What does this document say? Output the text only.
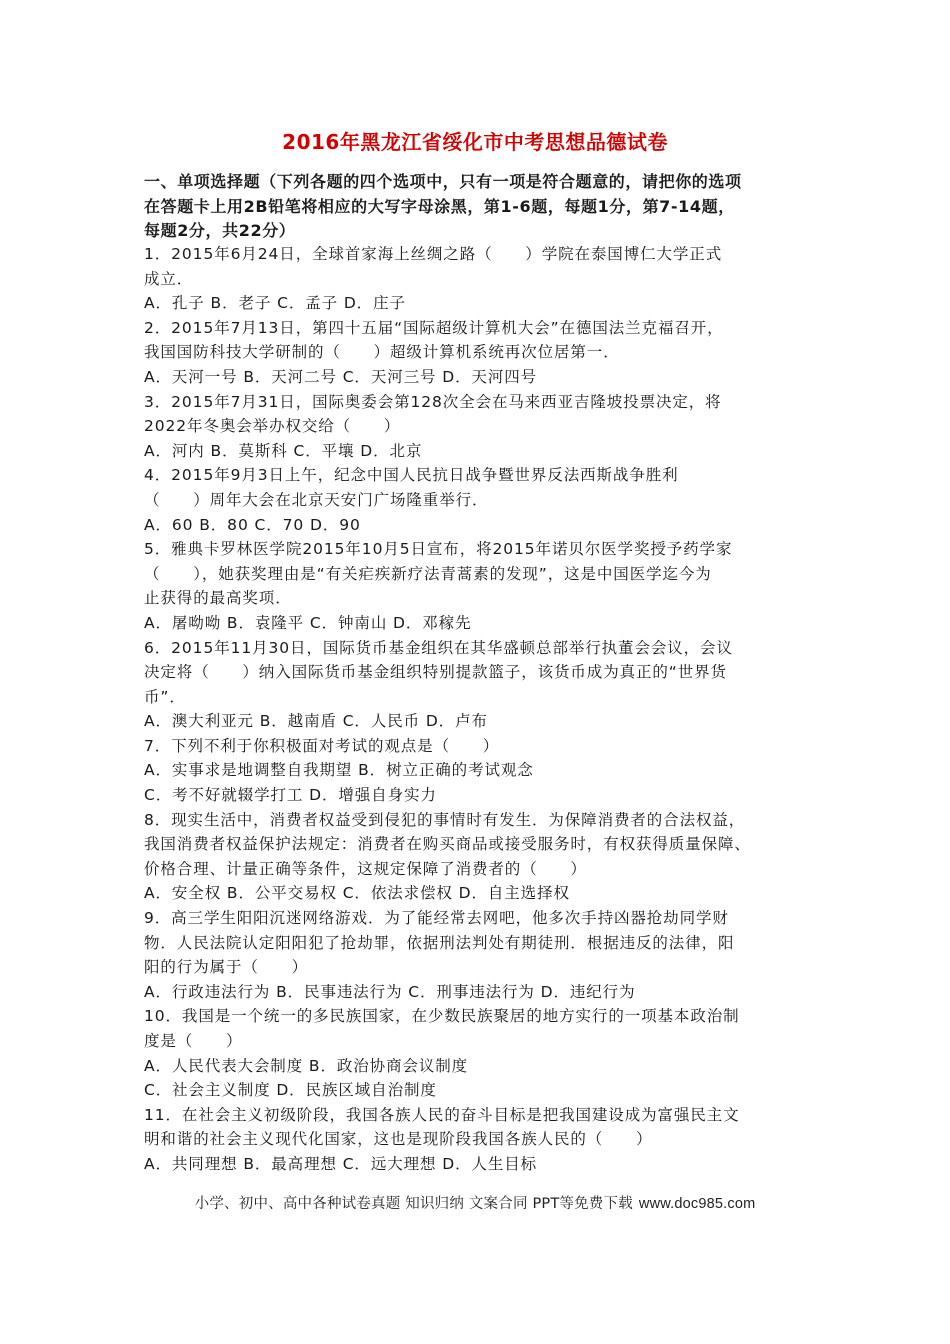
2016年黑龙江省绥化市中考思想品德试卷
一、单项选择题（下列各题的四个选项中，只有一项是符合题意的，请把你的选项
在答题卡上用2B铅笔将相应的大写字母涂黑，第1-6题，每题1分，第7-14题，
每题2分，共22分）

1．2015年6月24日，全球首家海上丝绸之路（　　）学院在泰国博仁大学正式

成立．

A．孔子 B．老子 C．孟子 D．庄子

2．2015年7月13日，第四十五届“国际超级计算机大会”在德国法兰克福召开，

我国国防科技大学研制的（　　）超级计算机系统再次位居第一．

A．天河一号 B．天河二号 C．天河三号 D．天河四号

3．2015年7月31日，国际奥委会第128次全会在马来西亚吉隆坡投票决定，将

2022年冬奥会举办权交给（　　）

A．河内 B．莫斯科 C．平壤 D．北京

4．2015年9月3日上午，纪念中国人民抗日战争暨世界反法西斯战争胜利

（　　）周年大会在北京天安门广场隆重举行．

A．60 B．80 C．70 D．90

5．雅典卡罗林医学院2015年10月5日宣布，将2015年诺贝尔医学奖授予药学家

（　　），她获奖理由是“有关疟疾新疗法青蒿素的发现”，这是中国医学迄今为

止获得的最高奖项．

A．屠呦呦 B．袁隆平 C．钟南山 D．邓稼先

6．2015年11月30日，国际货币基金组织在其华盛顿总部举行执董会会议，会议

决定将（　　）纳入国际货币基金组织特别提款篮子，该货币成为真正的“世界货

币”．

A．澳大利亚元 B．越南盾 C．人民币 D．卢布

7．下列不利于你积极面对考试的观点是（　　）

A．实事求是地调整自我期望 B．树立正确的考试观念

C．考不好就辍学打工 D．增强自身实力

8．现实生活中，消费者权益受到侵犯的事情时有发生．为保障消费者的合法权益，

我国消费者权益保护法规定：消费者在购买商品或接受服务时，有权获得质量保障、

价格合理、计量正确等条件，这规定保障了消费者的（　　）

A．安全权 B．公平交易权 C．依法求偿权 D．自主选择权

9．高三学生阳阳沉迷网络游戏．为了能经常去网吧，他多次手持凶器抢劫同学财

物．人民法院认定阳阳犯了抢劫罪，依据刑法判处有期徒刑．根据违反的法律，阳

阳的行为属于（　　）

A．行政违法行为 B．民事违法行为 C．刑事违法行为 D．违纪行为

10．我国是一个统一的多民族国家，在少数民族聚居的地方实行的一项基本政治制

度是（　　）

A．人民代表大会制度 B．政治协商会议制度

C．社会主义制度 D．民族区域自治制度

11．在社会主义初级阶段，我国各族人民的奋斗目标是把我国建设成为富强民主文

明和谐的社会主义现代化国家，这也是现阶段我国各族人民的（　　）

A．共同理想 B．最高理想 C．远大理想 D．人生目标

小学、初中、高中各种试卷真题 知识归纳 文案合同 PPT等免费下载 www.doc985.com
